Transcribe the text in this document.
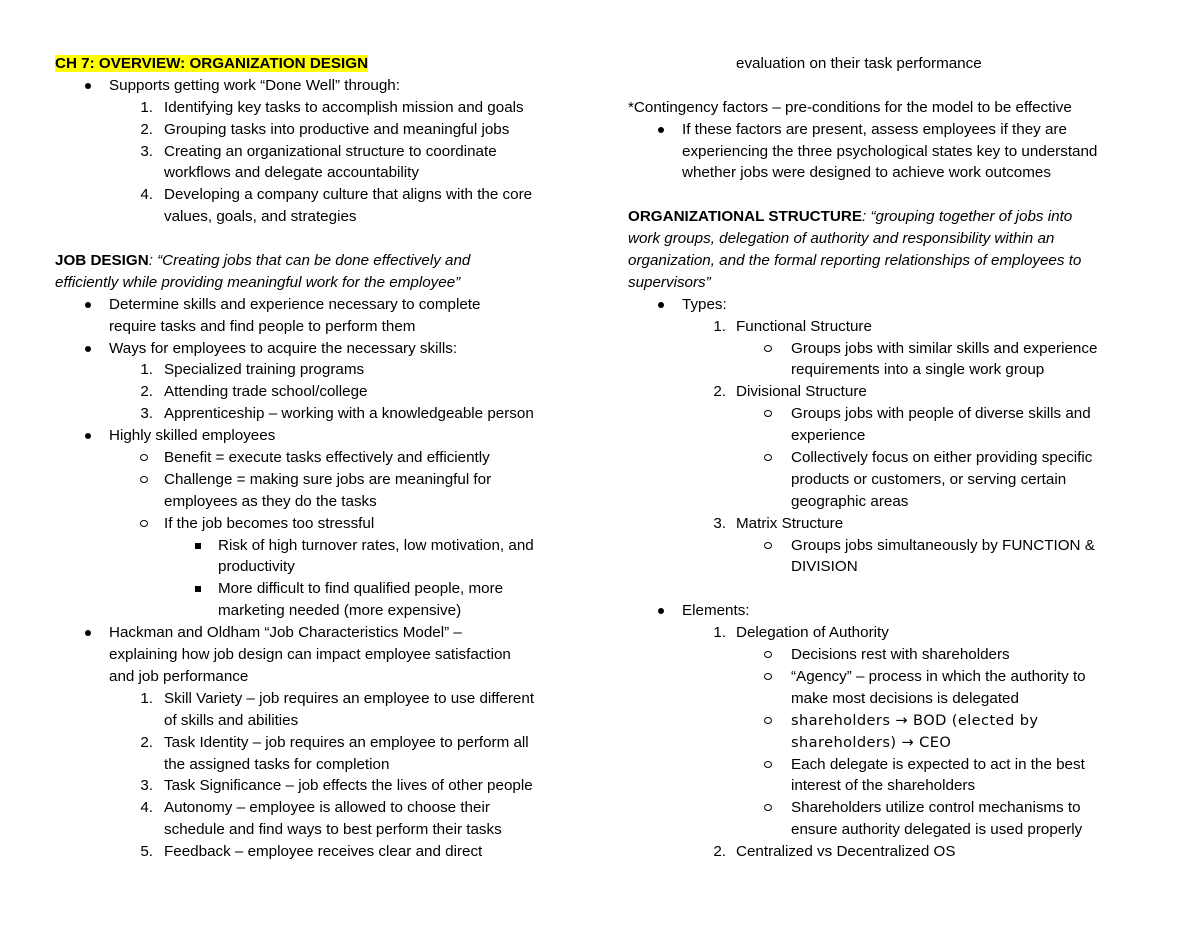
CH 7: OVERVIEW: ORGANIZATION DESIGN
Supports getting work “Done Well” through:
1. Identifying key tasks to accomplish mission and goals
2. Grouping tasks into productive and meaningful jobs
3. Creating an organizational structure to coordinate
workflows and delegate accountability
4. Developing a company culture that aligns with the core
values, goals, and strategies
JOB DESIGN: “Creating jobs that can be done effectively and
efficiently while providing meaningful work for the employee”
Determine skills and experience necessary to complete
require tasks and find people to perform them
Ways for employees to acquire the necessary skills:
1. Specialized training programs
2. Attending trade school/college
3. Apprenticeship – working with a knowledgeable person
Highly skilled employees
Benefit = execute tasks effectively and efficiently
Challenge = making sure jobs are meaningful for
employees as they do the tasks
If the job becomes too stressful
Risk of high turnover rates, low motivation, and
productivity
More difficult to find qualified people, more
marketing needed (more expensive)
Hackman and Oldham “Job Characteristics Model” –
explaining how job design can impact employee satisfaction
and job performance
1. Skill Variety – job requires an employee to use different
of skills and abilities
2. Task Identity – job requires an employee to perform all
the assigned tasks for completion
3. Task Significance – job effects the lives of other people
4. Autonomy – employee is allowed to choose their
schedule and find ways to best perform their tasks
5. Feedback – employee receives clear and direct
evaluation on their task performance
*Contingency factors – pre-conditions for the model to be effective
If these factors are present, assess employees if they are
experiencing the three psychological states key to understand
whether jobs were designed to achieve work outcomes
ORGANIZATIONAL STRUCTURE: “grouping together of jobs into
work groups, delegation of authority and responsibility within an
organization, and the formal reporting relationships of employees to
supervisors”
Types:
1. Functional Structure
Groups jobs with similar skills and experience
requirements into a single work group
2. Divisional Structure
Groups jobs with people of diverse skills and
experience
Collectively focus on either providing specific
products or customers, or serving certain
geographic areas
3. Matrix Structure
Groups jobs simultaneously by FUNCTION &
DIVISION
Elements:
1. Delegation of Authority
Decisions rest with shareholders
“Agency” – process in which the authority to
make most decisions is delegated
shareholders → BOD (elected by
shareholders) → CEO
Each delegate is expected to act in the best
interest of the shareholders
Shareholders utilize control mechanisms to
ensure authority delegated is used properly
2. Centralized vs Decentralized OS
